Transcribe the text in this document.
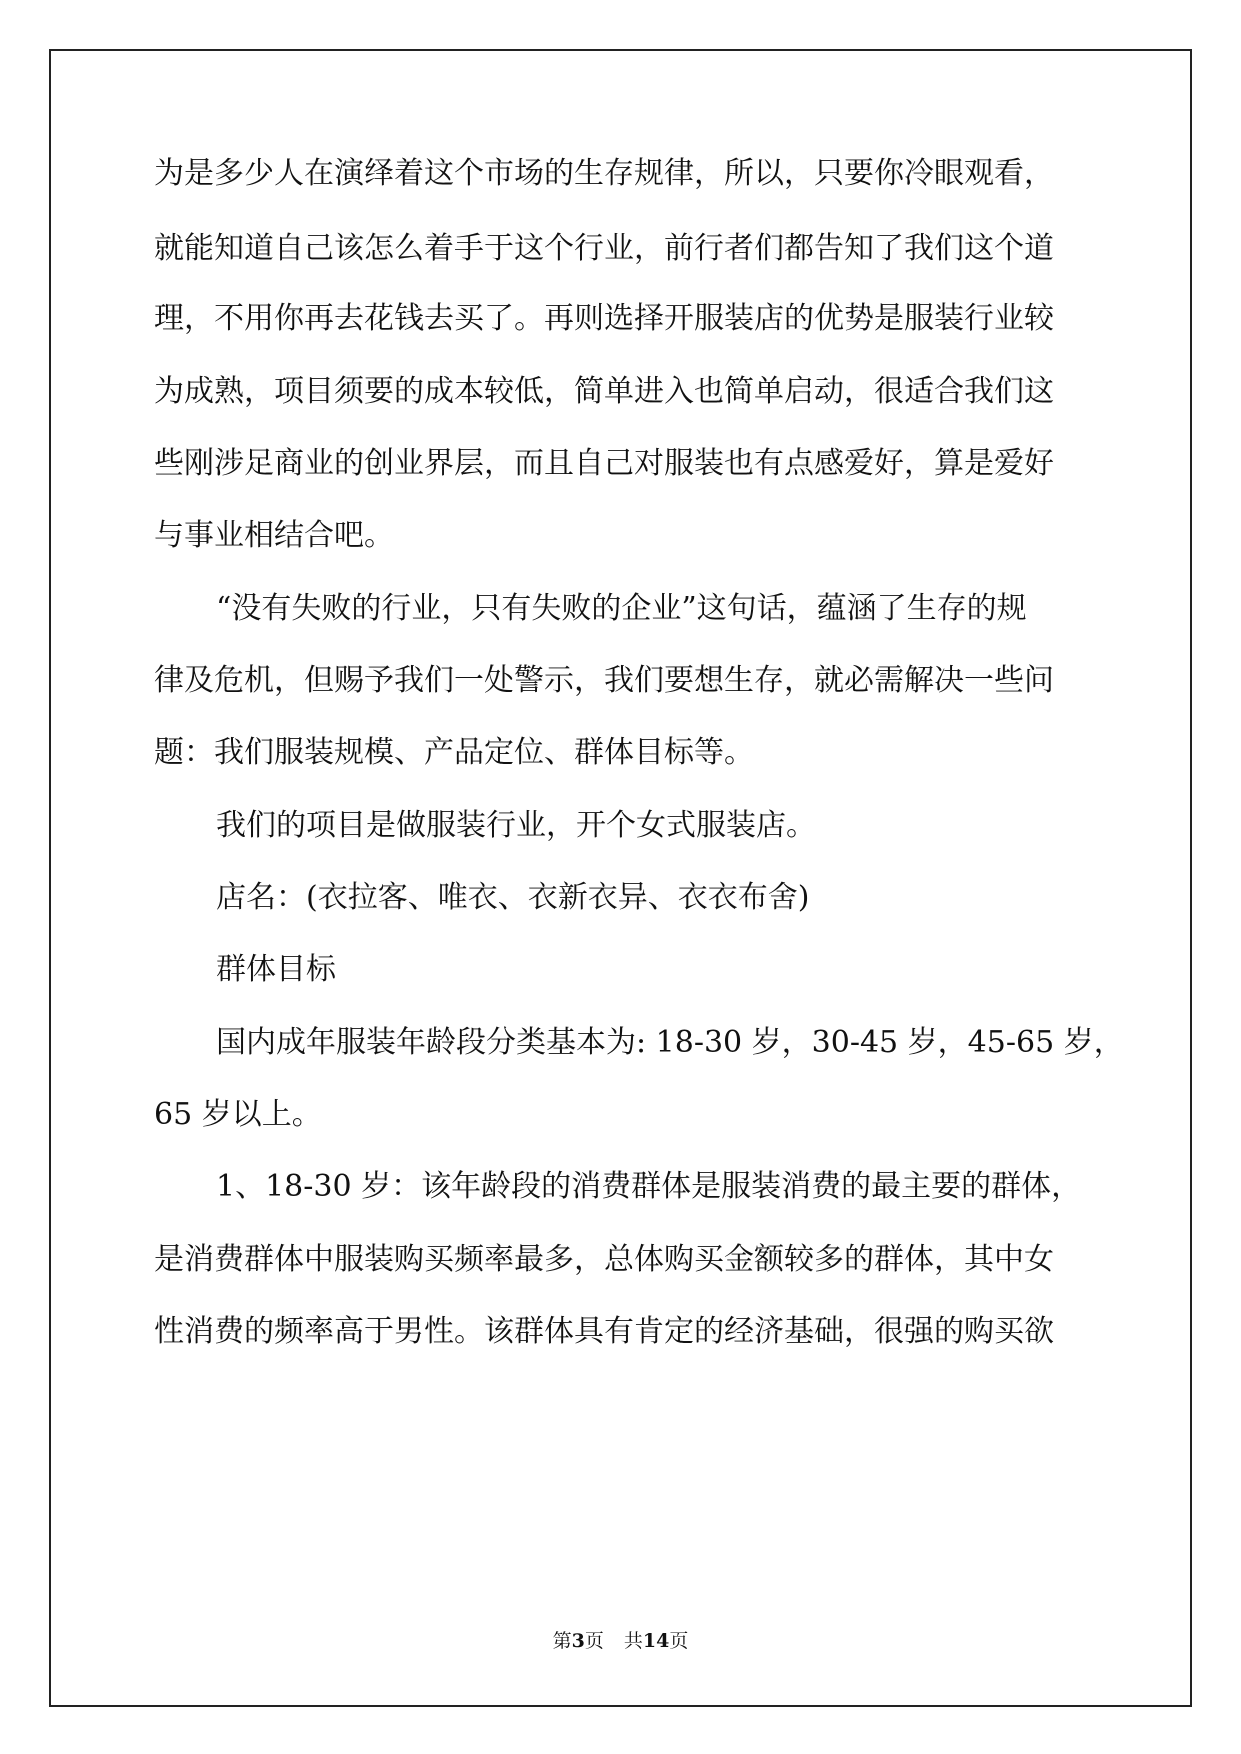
为是多少人在演绎着这个市场的生存规律，所以，只要你冷眼观看，
就能知道自己该怎么着手于这个行业，前行者们都告知了我们这个道
理，不用你再去花钱去买了。再则选择开服装店的优势是服装行业较
为成熟，项目须要的成本较低，简单进入也简单启动，很适合我们这
些刚涉足商业的创业界层，而且自己对服装也有点感爱好，算是爱好
与事业相结合吧。
“没有失败的行业，只有失败的企业”这句话，蕴涵了生存的规
律及危机，但赐予我们一处警示，我们要想生存，就必需解决一些问
题：我们服装规模、产品定位、群体目标等。
我们的项目是做服装行业，开个女式服装店。
店名：(衣拉客、唯衣、衣新衣异、衣衣布舍)
群体目标
国内成年服装年龄段分类基本为: 18-30 岁，30-45 岁，45-65 岁，
65 岁以上。
1、18-30 岁：该年龄段的消费群体是服装消费的最主要的群体，
是消费群体中服装购买频率最多，总体购买金额较多的群体，其中女
性消费的频率高于男性。该群体具有肯定的经济基础，很强的购买欲
第3页 共14页
